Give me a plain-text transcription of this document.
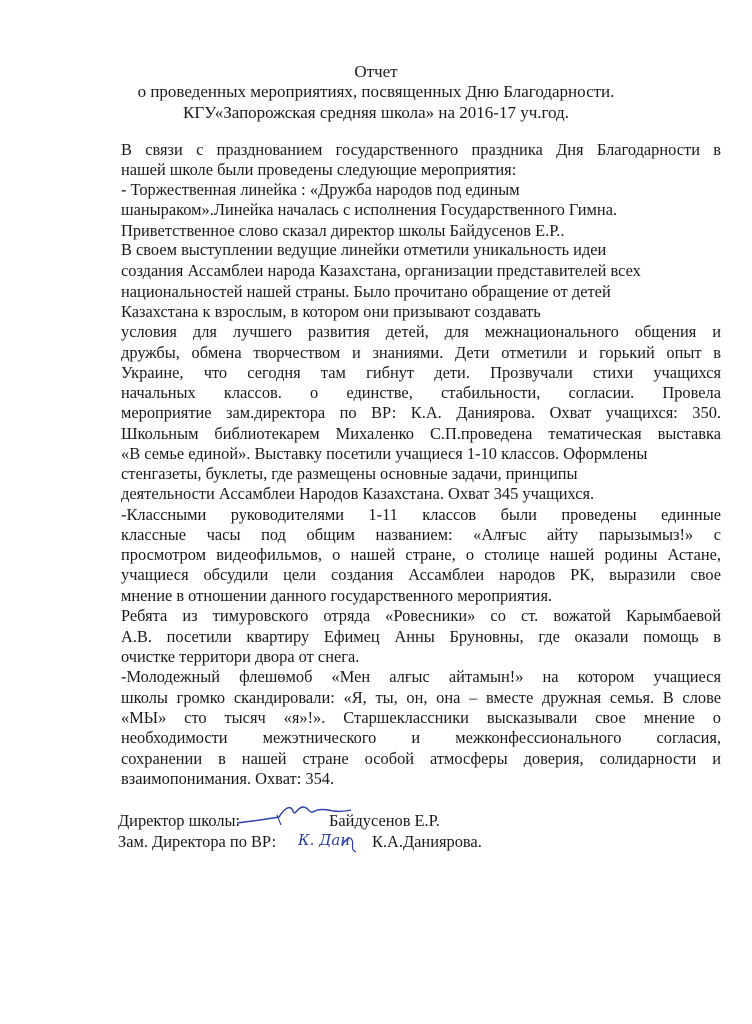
Отчет
о проведенных мероприятиях, посвященных Дню Благодарности.
КГУ«Запорожская средняя школа» на 2016-17 уч.год.
В связи с празднованием государственного праздника Дня Благодарности в
нашей школе были проведены следующие мероприятия:
- Торжественная линейка : «Дружба народов под единым
шаныраком».Линейка началась с исполнения Государственного Гимна.
Приветственное слово сказал директор школы Байдусенов Е.Р..
В своем выступлении ведущие линейки отметили уникальность идеи
создания Ассамблеи народа Казахстана, организации представителей всех
национальностей нашей страны. Было прочитано обращение от детей
Казахстана к взрослым, в котором они призывают создавать
условия для лучшего развития детей, для межнационального общения и
дружбы, обмена творчеством и знаниями. Дети отметили и горький опыт в
Украине, что сегодня там гибнут дети. Прозвучали стихи учащихся
начальных классов. о единстве, стабильности, согласии. Провела
мероприятие зам.директора по ВР: К.А. Даниярова. Охват учащихся: 350.
Школьным библиотекарем Михаленко С.П.проведена тематическая выставка
«В семье единой». Выставку посетили учащиеся 1-10 классов. Оформлены
стенгазеты, буклеты, где размещены основные задачи, принципы
деятельности Ассамблеи Народов Казахстана. Охват 345 учащихся.
-Классными руководителями 1-11 классов были проведены единные
классные часы под общим названием: «Алғыс айту парызымыз!» с
просмотром видеофильмов, о нашей стране, о столице нашей родины Астане,
учащиеся обсудили цели создания Ассамблеи народов РК, выразили свое
мнение в отношении данного государственного мероприятия.
Ребята из тимуровского отряда «Ровесники» со ст. вожатой Карымбаевой
А.В. посетили квартиру Ефимец Анны Бруновны, где оказали помощь в
очистке территори двора от снега.
-Молодежный флешөмоб «Мен алғыс айтамын!» на котором учащиеся
школы громко скандировали: «Я, ты, он, она – вместе дружная семья. В слове
«МЫ» сто тысяч «я»!». Старшеклассники высказывали свое мнение о
необходимости межэтнического и межконфессионального согласия,
сохранении в нашей стране особой атмосферы доверия, солидарности и
взаимопонимания. Охват: 354.
Директор школы:	Байдусенов Е.Р.
Зам. Директора по ВР: К. Дан К.А.Даниярова.
